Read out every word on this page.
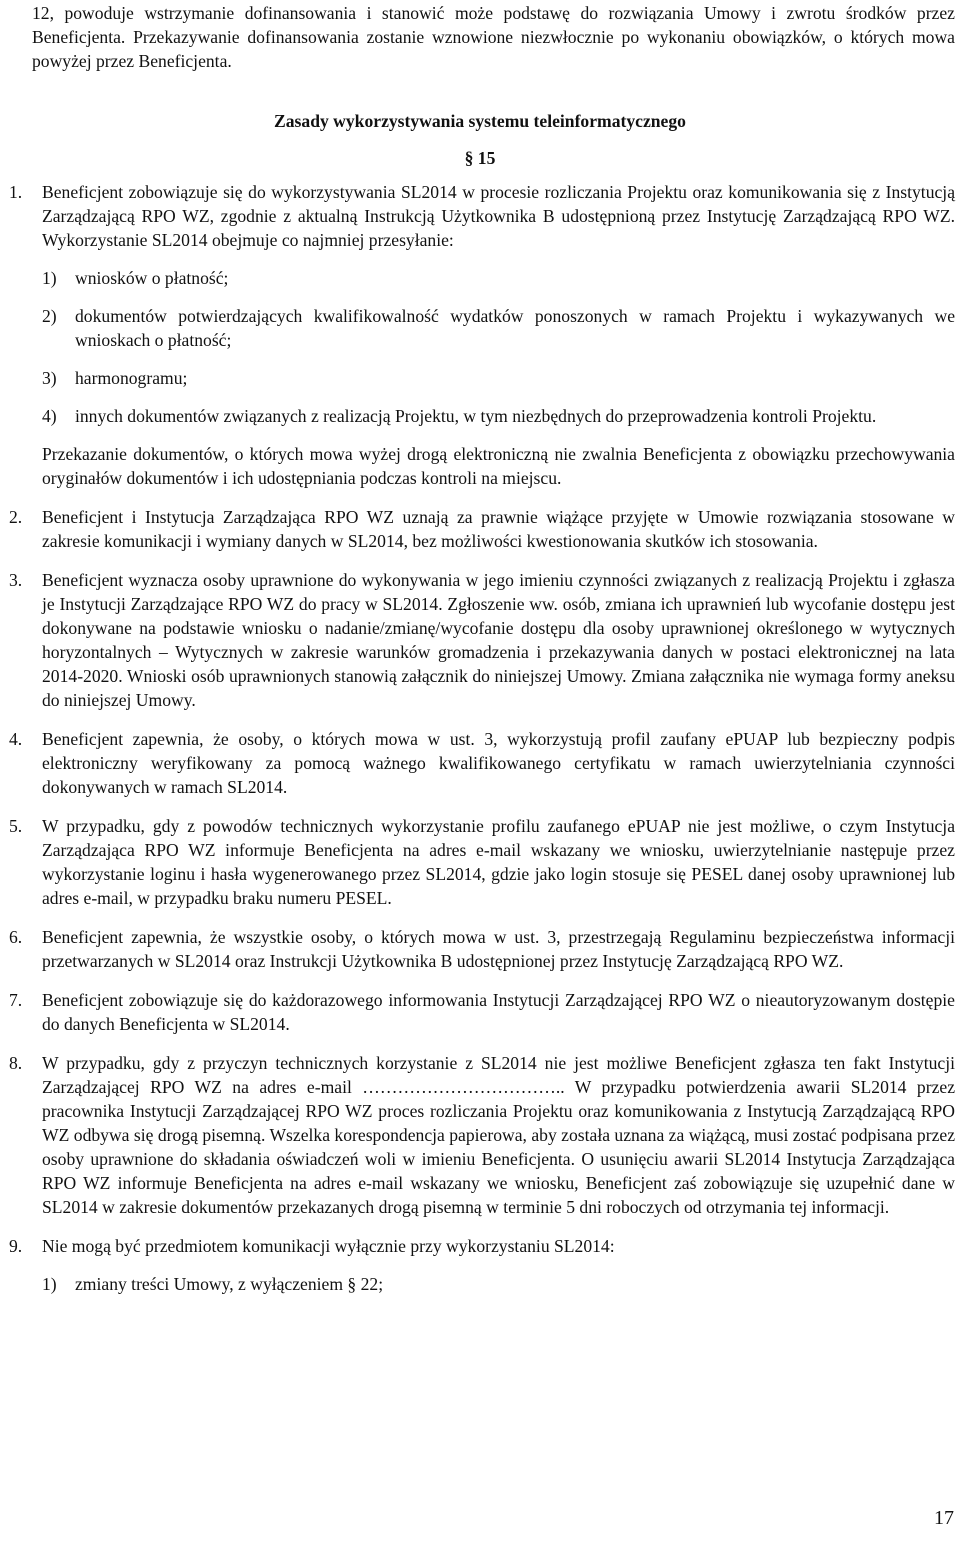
12, powoduje wstrzymanie dofinansowania i stanowić może podstawę do rozwiązania Umowy i zwrotu środków przez Beneficjenta. Przekazywanie dofinansowania zostanie wznowione niezwłocznie po wykonaniu obowiązków, o których mowa powyżej przez Beneficjenta.

Zasady wykorzystywania systemu teleinformatycznego
§ 15
1. Beneficjent zobowiązuje się do wykorzystywania SL2014 w procesie rozliczania Projektu oraz komunikowania się z Instytucją Zarządzającą RPO WZ, zgodnie z aktualną Instrukcją Użytkownika B udostępnioną przez Instytucję Zarządzającą RPO WZ. Wykorzystanie SL2014 obejmuje co najmniej przesyłanie:

1) wniosków o płatność;
2) dokumentów potwierdzających kwalifikowalność wydatków ponoszonych w ramach Projektu i wykazywanych we wnioskach o płatność;
3) harmonogramu;
4) innych dokumentów związanych z realizacją Projektu, w tym niezbędnych do przeprowadzenia kontroli Projektu.

Przekazanie dokumentów, o których mowa wyżej drogą elektroniczną nie zwalnia Beneficjenta z obowiązku przechowywania oryginałów dokumentów i ich udostępniania podczas kontroli na miejscu.

2. Beneficjent i Instytucja Zarządzająca RPO WZ uznają za prawnie wiążące przyjęte w Umowie rozwiązania stosowane w zakresie komunikacji i wymiany danych w SL2014, bez możliwości kwestionowania skutków ich stosowania.

3. Beneficjent wyznacza osoby uprawnione do wykonywania w jego imieniu czynności związanych z realizacją Projektu i zgłasza je Instytucji Zarządzające RPO WZ do pracy w SL2014. Zgłoszenie ww. osób, zmiana ich uprawnień lub wycofanie dostępu jest dokonywane na podstawie wniosku o nadanie/zmianę/wycofanie dostępu dla osoby uprawnionej określonego w wytycznych horyzontalnych – Wytycznych w zakresie warunków gromadzenia i przekazywania danych w postaci elektronicznej na lata 2014-2020. Wnioski osób uprawnionych stanowią załącznik do niniejszej Umowy. Zmiana załącznika nie wymaga formy aneksu do niniejszej Umowy.

4. Beneficjent zapewnia, że osoby, o których mowa w ust. 3, wykorzystują profil zaufany ePUAP lub bezpieczny podpis elektroniczny weryfikowany za pomocą ważnego kwalifikowanego certyfikatu w ramach uwierzytelniania czynności dokonywanych w ramach SL2014.

5. W przypadku, gdy z powodów technicznych wykorzystanie profilu zaufanego ePUAP nie jest możliwe, o czym Instytucja Zarządzająca RPO WZ informuje Beneficjenta na adres e-mail wskazany we wniosku, uwierzytelnianie następuje przez wykorzystanie loginu i hasła wygenerowanego przez SL2014, gdzie jako login stosuje się PESEL danej osoby uprawnionej lub adres e-mail, w przypadku braku numeru PESEL.

6. Beneficjent zapewnia, że wszystkie osoby, o których mowa w ust. 3, przestrzegają Regulaminu bezpieczeństwa informacji przetwarzanych w SL2014 oraz Instrukcji Użytkownika B udostępnionej przez Instytucję Zarządzającą RPO WZ.

7. Beneficjent zobowiązuje się do każdorazowego informowania Instytucji Zarządzającej RPO WZ o nieautoryzowanym dostępie do danych Beneficjenta w SL2014.

8. W przypadku, gdy z przyczyn technicznych korzystanie z SL2014 nie jest możliwe Beneficjent zgłasza ten fakt Instytucji Zarządzającej RPO WZ na adres e-mail …………………………….. W przypadku potwierdzenia awarii SL2014 przez pracownika Instytucji Zarządzającej RPO WZ proces rozliczania Projektu oraz komunikowania z Instytucją Zarządzającą RPO WZ odbywa się drogą pisemną. Wszelka korespondencja papierowa, aby została uznana za wiążącą, musi zostać podpisana przez osoby uprawnione do składania oświadczeń woli w imieniu Beneficjenta. O usunięciu awarii SL2014 Instytucja Zarządzająca RPO WZ informuje Beneficjenta na adres e-mail wskazany we wniosku, Beneficjent zaś zobowiązuje się uzupełnić dane w SL2014 w zakresie dokumentów przekazanych drogą pisemną w terminie 5 dni roboczych od otrzymania tej informacji.

9. Nie mogą być przedmiotem komunikacji wyłącznie przy wykorzystaniu SL2014:

1) zmiany treści Umowy, z wyłączeniem § 22;
17
